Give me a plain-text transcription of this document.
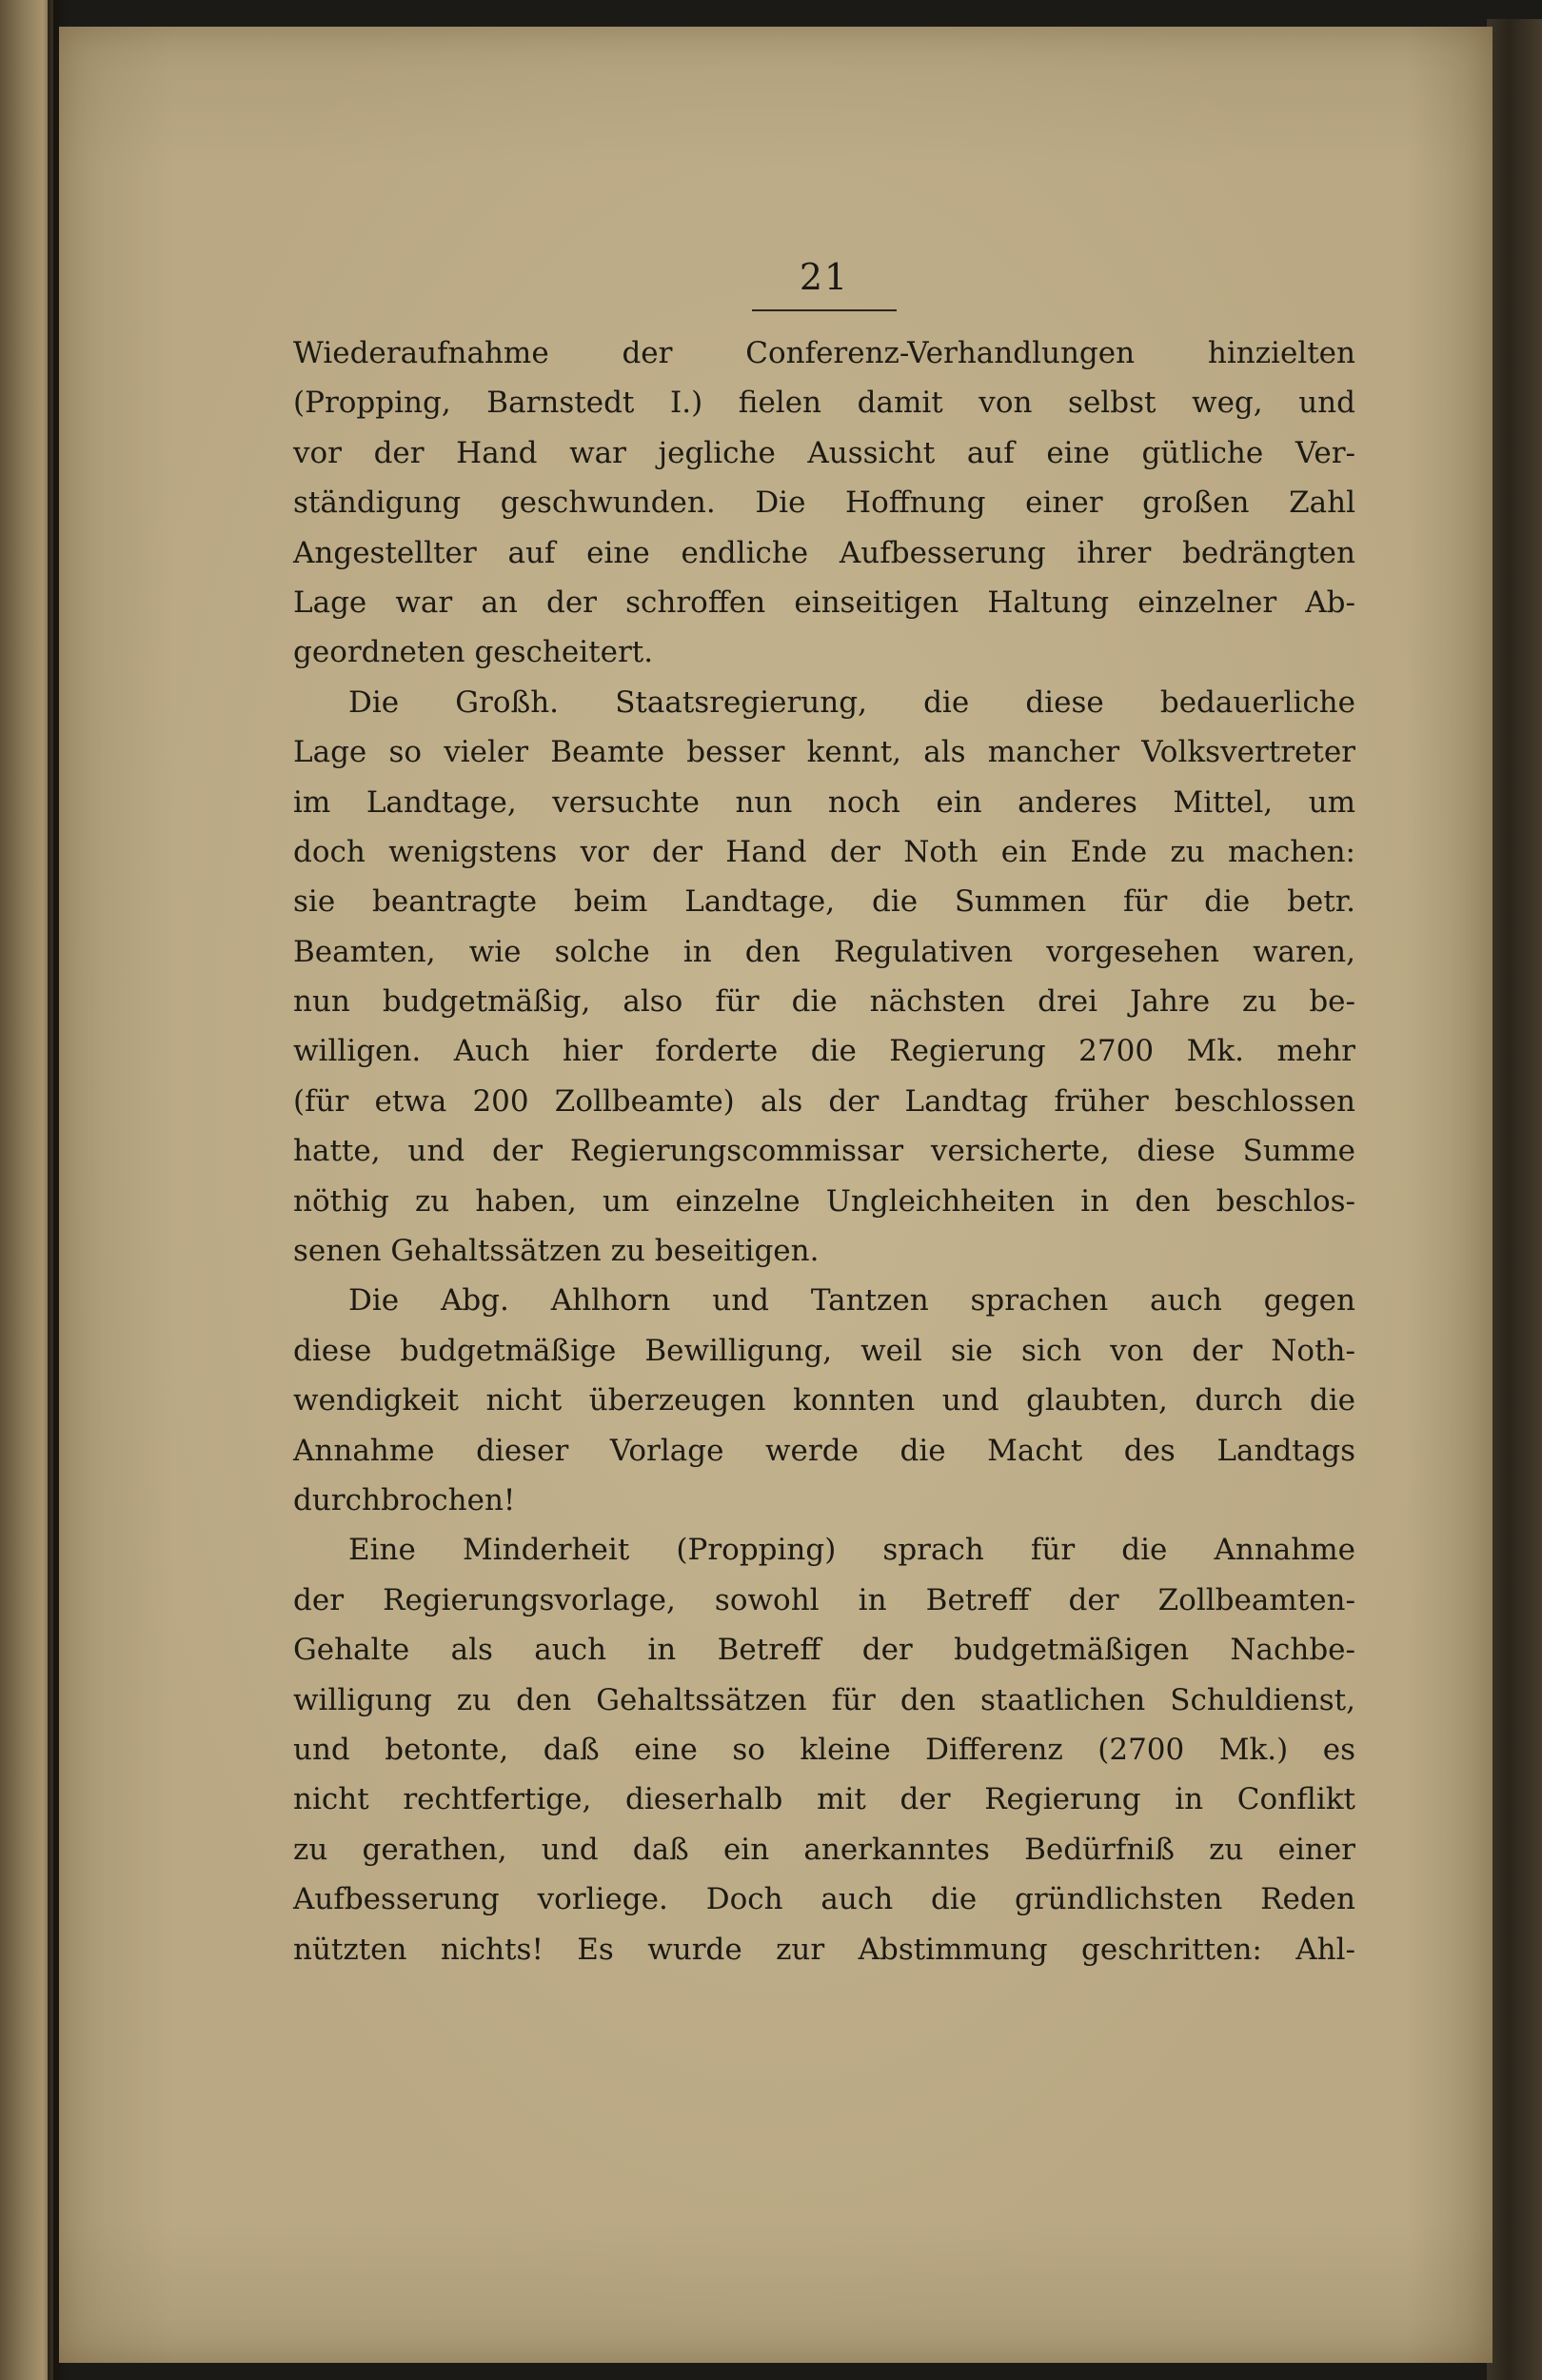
21
Wiederaufnahme der Conferenz-Verhandlungen hinzielten
(Propping, Barnstedt I.) fielen damit von selbst weg, und
vor der Hand war jegliche Aussicht auf eine gütliche Ver-
ständigung geschwunden. Die Hoffnung einer großen Zahl
Angestellter auf eine endliche Aufbesserung ihrer bedrängten
Lage war an der schroffen einseitigen Haltung einzelner Ab-
geordneten gescheitert.
Die Großh. Staatsregierung, die diese bedauerliche
Lage so vieler Beamte besser kennt, als mancher Volksvertreter
im Landtage, versuchte nun noch ein anderes Mittel, um
doch wenigstens vor der Hand der Noth ein Ende zu machen:
sie beantragte beim Landtage, die Summen für die betr.
Beamten, wie solche in den Regulativen vorgesehen waren,
nun budgetmäßig, also für die nächsten drei Jahre zu be-
willigen. Auch hier forderte die Regierung 2700 Mk. mehr
(für etwa 200 Zollbeamte) als der Landtag früher beschlossen
hatte, und der Regierungscommissar versicherte, diese Summe
nöthig zu haben, um einzelne Ungleichheiten in den beschlos-
senen Gehaltssätzen zu beseitigen.
Die Abg. Ahlhorn und Tantzen sprachen auch gegen
diese budgetmäßige Bewilligung, weil sie sich von der Noth-
wendigkeit nicht überzeugen konnten und glaubten, durch die
Annahme dieser Vorlage werde die Macht des Landtags
durchbrochen!
Eine Minderheit (Propping) sprach für die Annahme
der Regierungsvorlage, sowohl in Betreff der Zollbeamten-
Gehalte als auch in Betreff der budgetmäßigen Nachbe-
willigung zu den Gehaltssätzen für den staatlichen Schuldienst,
und betonte, daß eine so kleine Differenz (2700 Mk.) es
nicht rechtfertige, dieserhalb mit der Regierung in Conflikt
zu gerathen, und daß ein anerkanntes Bedürfniß zu einer
Aufbesserung vorliege. Doch auch die gründlichsten Reden
nützten nichts! Es wurde zur Abstimmung geschritten: Ahl-
